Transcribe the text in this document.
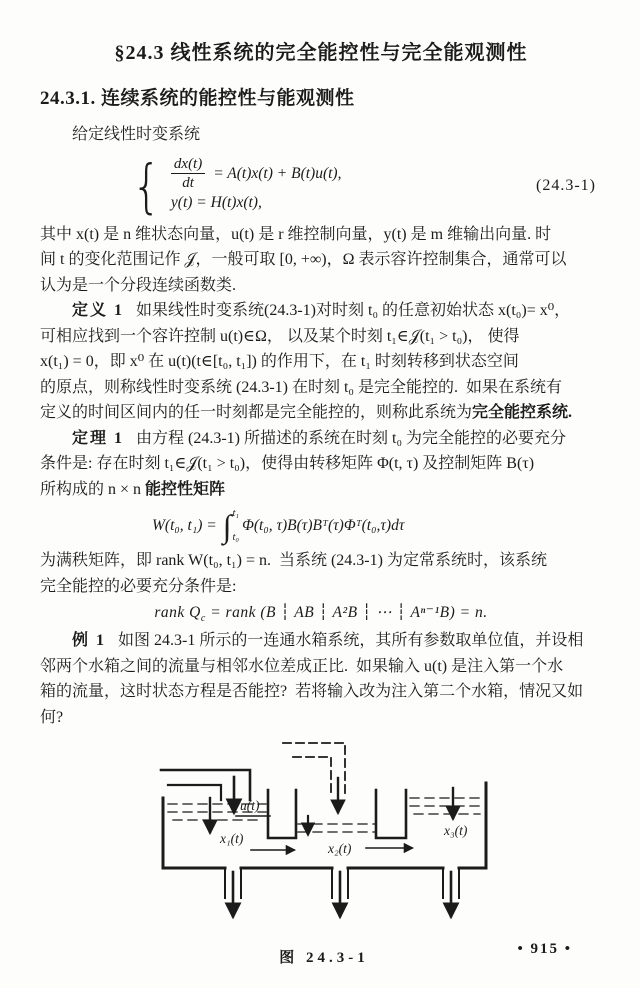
§24.3 线性系统的完全能控性与完全能观测性
24.3.1. 连续系统的能控性与能观测性
给定线性时变系统
{ $\frac{dx(t)}{dt} = A(t)x(t) + B(t)u(t)$,
y(t) = H(t)x(t),
(24.3-1)
其中 x(t) 是 n 维状态向量，u(t) 是 r 维控制向量，y(t) 是 m 维输出向量. 时
间 t 的变化范围记作 𝒥，一般可取 [0, +∞)，Ω 表示容许控制集合，通常可以
认为是一个分段连续函数类.
定义 1 如果线性时变系统(24.3-1)对时刻 t₀ 的任意初始状态 x(t₀)= x⁰，
可相应找到一个容许控制 u(t)∈Ω， 以及某个时刻 t₁∈𝒥(t₁ > t₀)， 使得
x(t₁) = 0，即 x⁰ 在 u(t)(t∈[t₀, t₁]) 的作用下，在 t₁ 时刻转移到状态空间
的原点，则称线性时变系统 (24.3-1) 在时刻 t₀ 是完全能控的.  如果在系统有
定义的时间区间内的任一时刻都是完全能控的，则称此系统为完全能控系统.
定理 1 由方程 (24.3-1) 所描述的系统在时刻 t₀ 为完全能控的必要充分
条件是: 存在时刻 t₁∈𝒥(t₁ > t₀)，使得由转移矩阵 Φ(t, τ) 及控制矩阵 B(τ)
所构成的 n × n 能控性矩阵
W(t₀, t₁) = ∫ t₁
t₀
Φ(t₀, τ)B(τ)Bᵀ(τ)Φᵀ(t₀,τ)dτ
为满秩矩阵，即 rank W(t₀, t₁) = n.  当系统 (24.3-1) 为定常系统时，该系统
完全能控的必要充分条件是:
rank $Q_c$ = rank (B ┆ AB ┆ A²B ┆ ⋯ ┆ Aⁿ⁻¹B) = n.
例 1 如图 24.3-1 所示的一连通水箱系统，其所有参数取单位值，并设相
邻两个水箱之间的流量与相邻水位差成正比.  如果输入 u(t) 是注入第一个水
箱的流量，这时状态方程是否能控?  若将输入改为注入第二个水箱，情况又如
何?
u(t)
x₁(t)
x₂(t)
x₃(t)
图 24.3-1
• 915 •
